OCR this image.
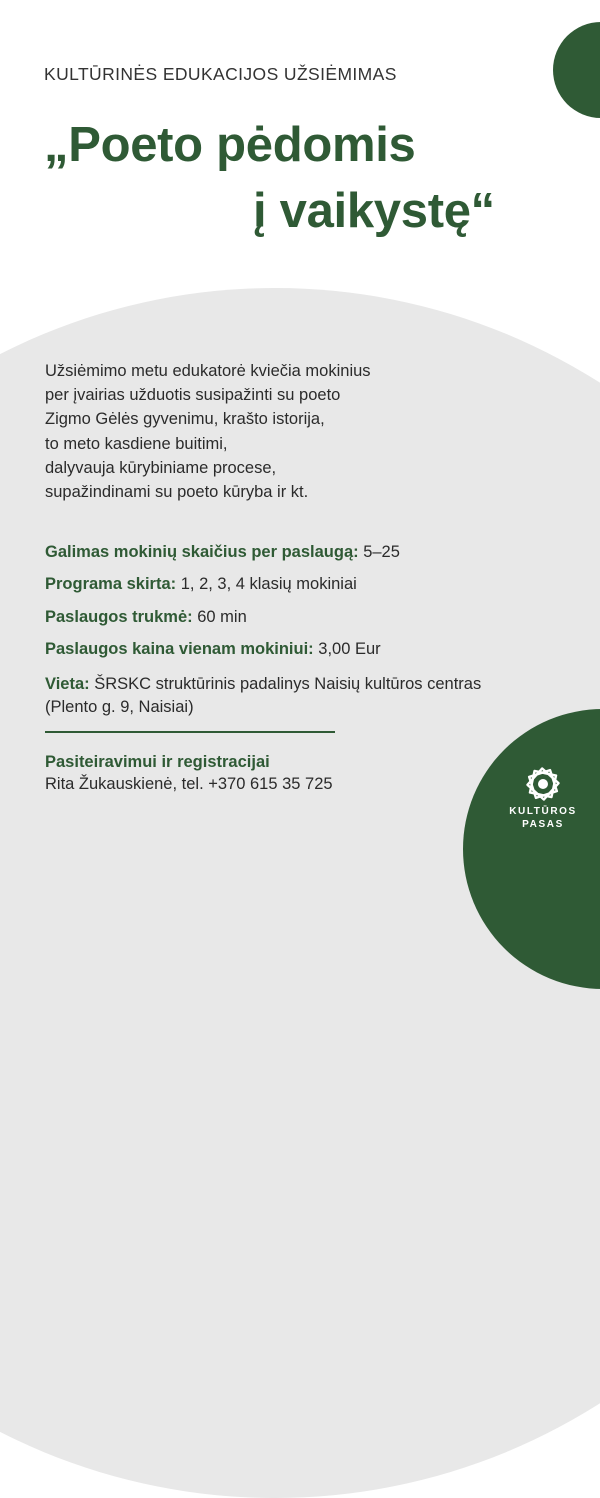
KULTŪRINĖS EDUKACIJOS UŽSIĖMIMAS
„Poeto pėdomis
į vaikystę“
Užsiėmimo metu edukatorė kviečia mokinius
per įvairias užduotis susipažinti su poeto
Zigmo Gėlės gyvenimu, krašto istorija,
to meto kasdiene buitimi,
dalyvauja kūrybiniame procese,
supažindinami su poeto kūryba ir kt.
Galimas mokinių skaičius per paslaugą: 5–25
Programa skirta: 1, 2, 3, 4 klasių mokiniai
Paslaugos trukmė: 60 min
Paslaugos kaina vienam mokiniui: 3,00 Eur
Vieta: ŠRSKC struktūrinis padalinys Naisių kultūros centras
(Plento g. 9, Naisiai)
Pasiteiravimui ir registracijai
Rita Žukauskienė, tel. +370 615 35 725
KULTŪROS
PASAS
